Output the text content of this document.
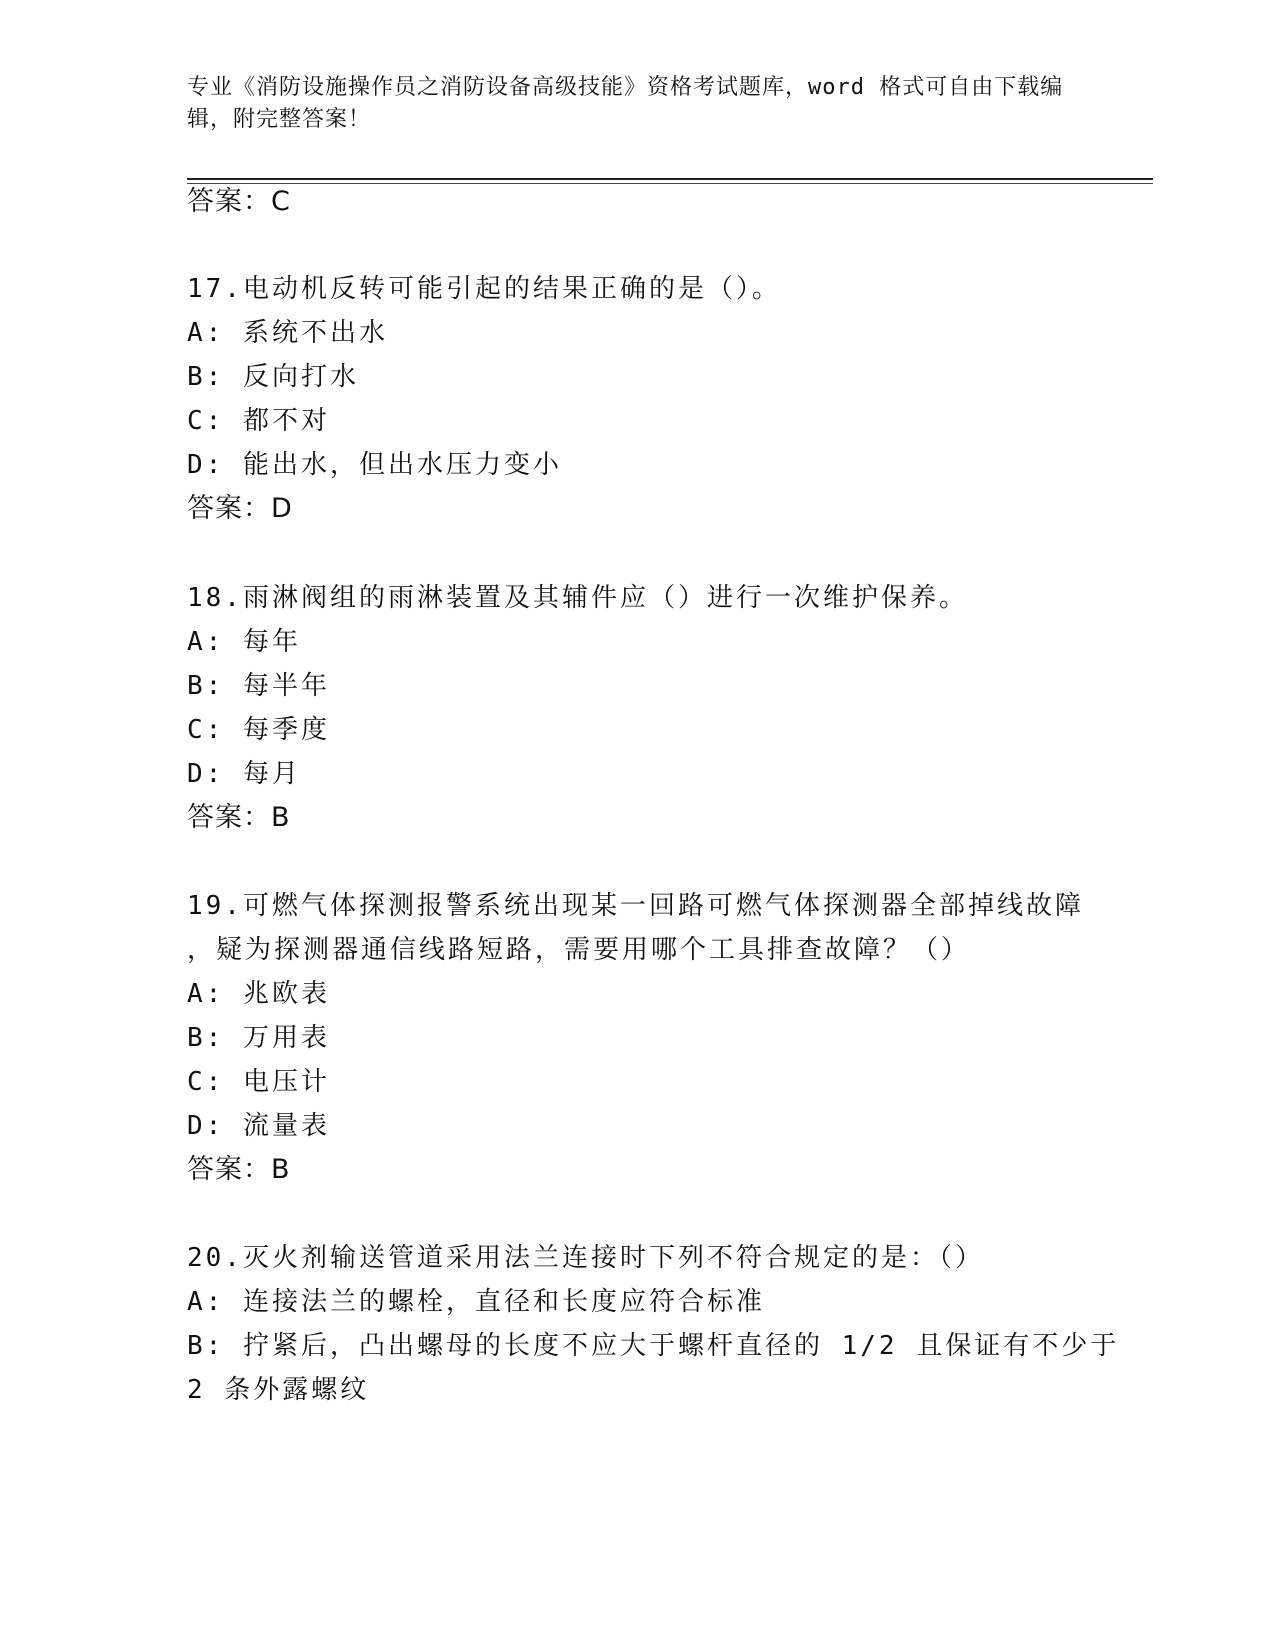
专业《消防设施操作员之消防设备高级技能》资格考试题库，word 格式可自由下载编辑，附完整答案！
答案：C
17.电动机反转可能引起的结果正确的是（）。
A: 系统不出水
B: 反向打水
C: 都不对
D: 能出水，但出水压力变小
答案：D
18.雨淋阀组的雨淋装置及其辅件应（）进行一次维护保养。
A: 每年
B: 每半年
C: 每季度
D: 每月
答案：B
19.可燃气体探测报警系统出现某一回路可燃气体探测器全部掉线故障
，疑为探测器通信线路短路，需要用哪个工具排查故障？（）
A: 兆欧表
B: 万用表
C: 电压计
D: 流量表
答案：B
20.灭火剂输送管道采用法兰连接时下列不符合规定的是：（）
A: 连接法兰的螺栓，直径和长度应符合标准
B: 拧紧后，凸出螺母的长度不应大于螺杆直径的 1/2 且保证有不少于
2 条外露螺纹
